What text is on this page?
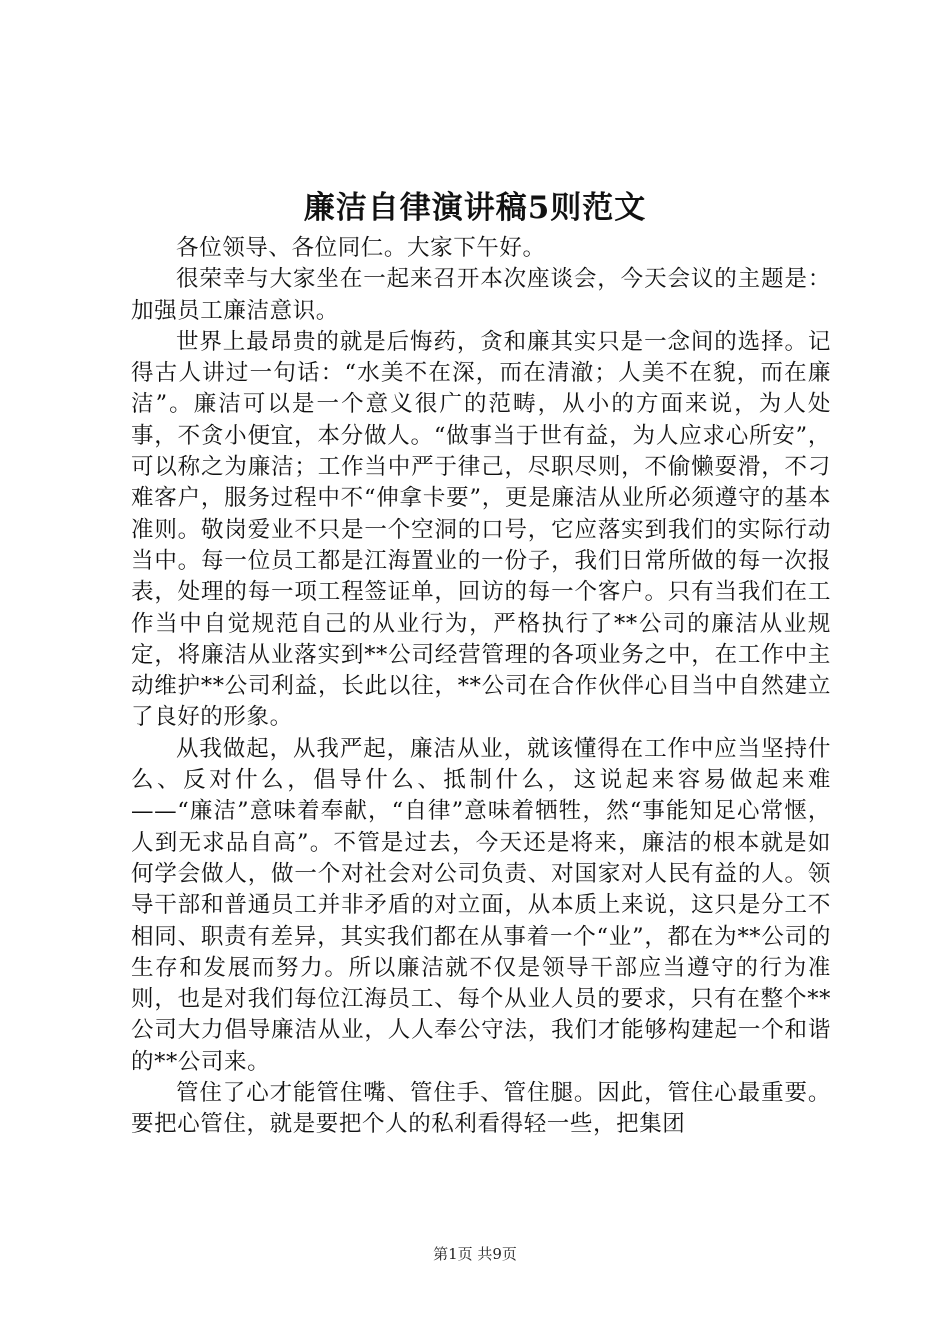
廉洁自律演讲稿5则范文

各位领导、各位同仁。大家下午好。

很荣幸与大家坐在一起来召开本次座谈会，今天会议的主题是：加强员工廉洁意识。

世界上最昂贵的就是后悔药，贪和廉其实只是一念间的选择。记得古人讲过一句话：“水美不在深，而在清澈；人美不在貌，而在廉洁”。廉洁可以是一个意义很广的范畴，从小的方面来说，为人处事，不贪小便宜，本分做人。“做事当于世有益，为人应求心所安”，可以称之为廉洁；工作当中严于律己，尽职尽则，不偷懒耍滑，不刁难客户，服务过程中不“伸拿卡要”，更是廉洁从业所必须遵守的基本准则。敬岗爱业不只是一个空洞的口号，它应落实到我们的实际行动当中。每一位员工都是江海置业的一份子，我们日常所做的每一次报表，处理的每一项工程签证单，回访的每一个客户。只有当我们在工作当中自觉规范自己的从业行为，严格执行了**公司的廉洁从业规定，将廉洁从业落实到**公司经营管理的各项业务之中，在工作中主动维护**公司利益，长此以往，**公司在合作伙伴心目当中自然建立了良好的形象。

从我做起，从我严起，廉洁从业，就该懂得在工作中应当坚持什么、反对什么，倡导什么、抵制什么，这说起来容易做起来难——“廉洁”意味着奉献，“自律”意味着牺牲，然“事能知足心常惬，人到无求品自高”。不管是过去，今天还是将来，廉洁的根本就是如何学会做人，做一个对社会对公司负责、对国家对人民有益的人。领导干部和普通员工并非矛盾的对立面，从本质上来说，这只是分工不相同、职责有差异，其实我们都在从事着一个“业”，都在为**公司的生存和发展而努力。所以廉洁就不仅是领导干部应当遵守的行为准则，也是对我们每位江海员工、每个从业人员的要求，只有在整个**公司大力倡导廉洁从业，人人奉公守法，我们才能够构建起一个和谐的**公司来。

管住了心才能管住嘴、管住手、管住腿。因此，管住心最重要。要把心管住，就是要把个人的私利看得轻一些，把集团

第1页 共9页
